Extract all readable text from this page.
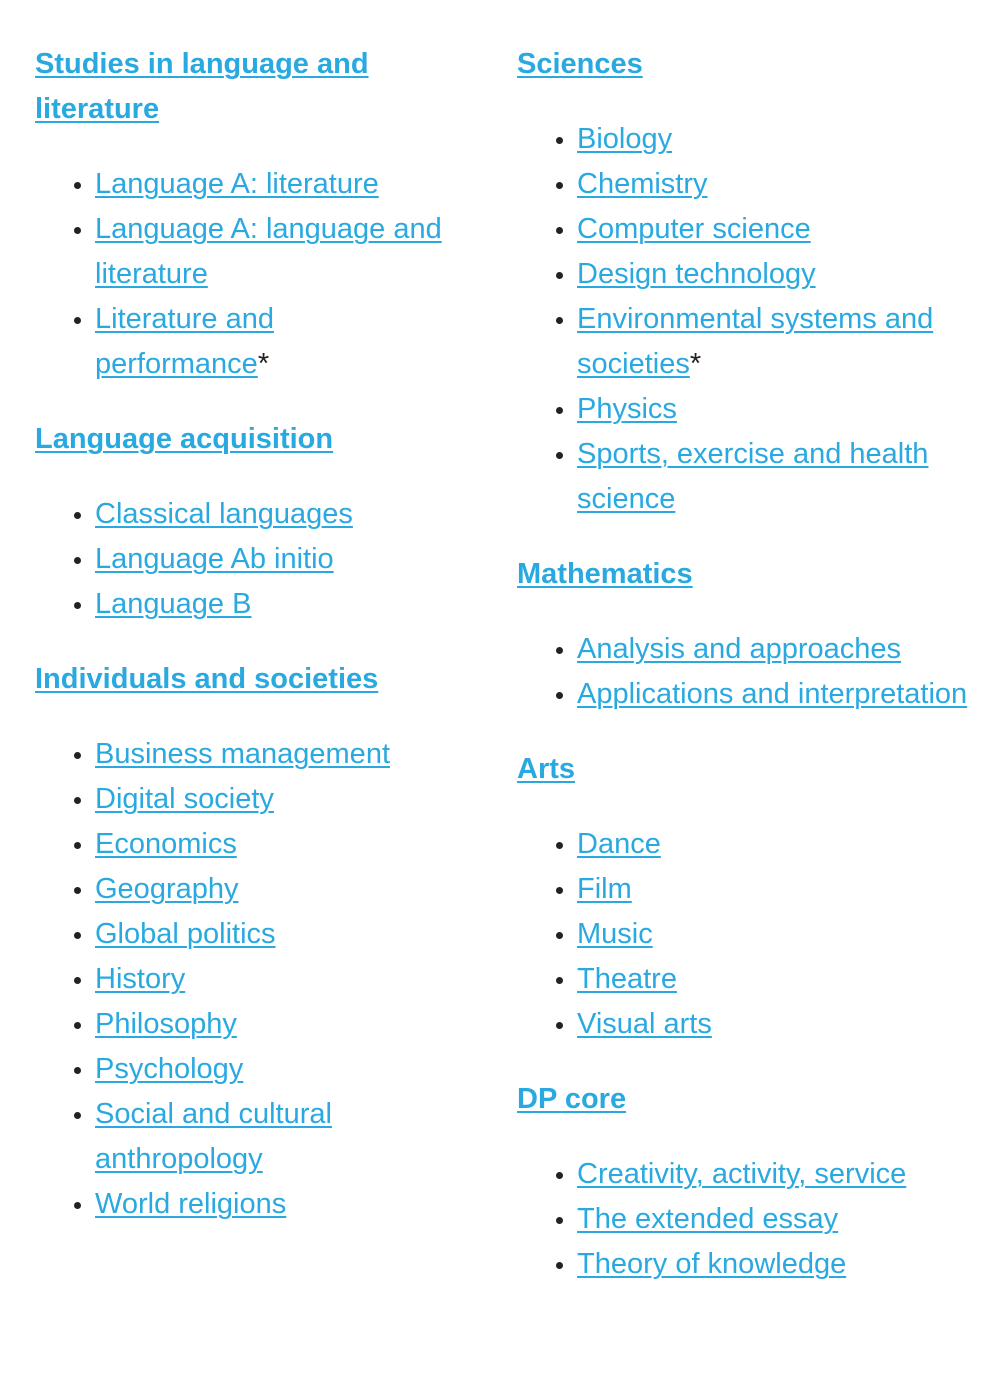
Studies in language and literature
Language A: literature
Language A: language and literature
Literature and performance*
Language acquisition
Classical languages
Language Ab initio
Language B
Individuals and societies
Business management
Digital society
Economics
Geography
Global politics
History
Philosophy
Psychology
Social and cultural anthropology
World religions
Sciences
Biology
Chemistry
Computer science
Design technology
Environmental systems and societies*
Physics
Sports, exercise and health science
Mathematics
Analysis and approaches
Applications and interpretation
Arts
Dance
Film
Music
Theatre
Visual arts
DP core
Creativity, activity, service
The extended essay
Theory of knowledge
